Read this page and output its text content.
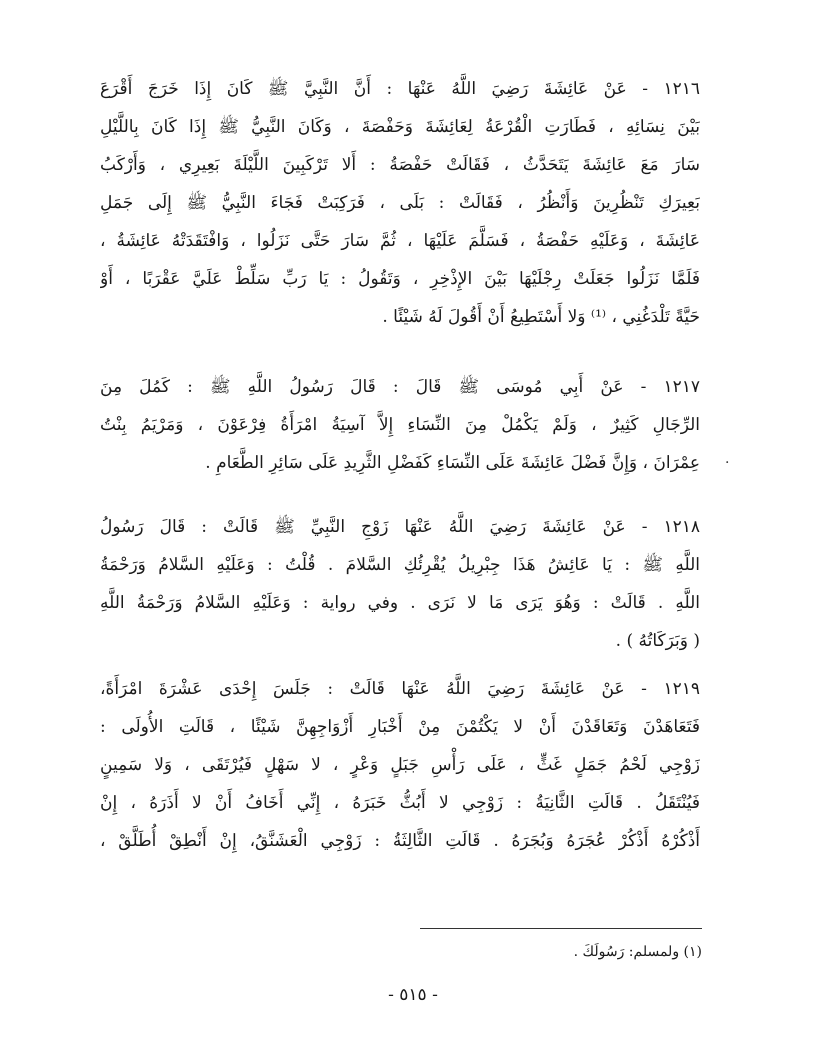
١٢١٦ - عَنْ عَائِشَةَ رَضِيَ اللَّهُ عَنْهَا : أَنَّ النَّبِيَّ ﷺ كَانَ إِذَا خَرَجَ أَقْرَعَ
بَيْنَ نِسَائِهِ ، فَطَارَتِ الْقُرْعَةُ لِعَائِشَةَ وَحَفْصَةَ ، وَكَانَ النَّبِيُّ ﷺ إِذَا كَانَ بِاللَّيْلِ
سَارَ مَعَ عَائِشَةَ يَتَحَدَّثُ ، فَقَالَتْ حَفْصَةُ : أَلا تَرْكَبِينَ اللَّيْلَةَ بَعِيرِي ، وَأَرْكَبُ
بَعِيرَكِ تَنْظُرِينَ وَأَنْظُرُ ، فَقَالَتْ : بَلَى ، فَرَكِبَتْ فَجَاءَ النَّبِيُّ ﷺ إِلَى جَمَلِ
عَائِشَةَ ، وَعَلَيْهِ حَفْصَةُ ، فَسَلَّمَ عَلَيْهَا ، ثُمَّ سَارَ حَتَّى نَزَلُوا ، وَافْتَقَدَتْهُ عَائِشَةُ ،
فَلَمَّا نَزَلُوا جَعَلَتْ رِجْلَيْهَا بَيْنَ الإِذْخِرِ ، وَتَقُولُ : يَا رَبِّ سَلِّطْ عَلَيَّ عَقْرَبًا ، أَوْ
حَيَّةً تَلْدَغُنِي ، ⁽¹⁾ وَلا أَسْتَطِيعُ أَنْ أَقُولَ لَهُ شَيْئًا .
١٢١٧ - عَنْ أَبِي مُوسَى ﷺ قَالَ : قَالَ رَسُولُ اللَّهِ ﷺ : كَمُلَ مِنَ
الرِّجَالِ كَثِيرٌ ، وَلَمْ يَكْمُلْ مِنَ النِّسَاءِ إِلاَّ آسِيَةُ امْرَأَةُ فِرْعَوْنَ ، وَمَرْيَمُ بِنْتُ
عِمْرَانَ ، وَإِنَّ فَضْلَ عَائِشَةَ عَلَى النِّسَاءِ كَفَضْلِ الثَّرِيدِ عَلَى سَائِرِ الطَّعَامِ . ·
١٢١٨ - عَنْ عَائِشَةَ رَضِيَ اللَّهُ عَنْهَا زَوْجِ النَّبِيِّ ﷺ قَالَتْ : قَالَ رَسُولُ
اللَّهِ ﷺ : يَا عَائِشُ هَذَا جِبْرِيلُ يُقْرِئُكِ السَّلامَ . قُلْتُ : وَعَلَيْهِ السَّلامُ وَرَحْمَةُ
اللَّهِ . قَالَتْ : وَهُوَ يَرَى مَا لا نَرَى . وفي رواية : وَعَلَيْهِ السَّلامُ وَرَحْمَةُ اللَّهِ
( وَبَرَكَاتُهُ ) .
١٢١٩ - عَنْ عَائِشَةَ رَضِيَ اللَّهُ عَنْهَا قَالَتْ : جَلَسَ إِحْدَى عَشْرَةَ امْرَأَةً،
فَتَعَاهَدْنَ وَتَعَاقَدْنَ أَنْ لا يَكْتُمْنَ مِنْ أَخْبَارِ أَزْوَاجِهِنَّ شَيْئًا ، قَالَتِ الأُولَى :
زَوْجِي لَحْمُ جَمَلٍ غَثٍّ ، عَلَى رَأْسِ جَبَلٍ وَعْرٍ ، لا سَهْلٍ فَيُرْتَقَى ، وَلا سَمِينٍ
فَيُنْتَقَلُ . قَالَتِ الثَّانِيَةُ : زَوْجِي لا أَبُثُّ خَبَرَهُ ، إِنِّي أَخَافُ أَنْ لا أَذَرَهُ ، إِنْ
أَذْكُرْهُ أَذْكُرْ عُجَرَهُ وَبُجَرَهُ . قَالَتِ الثَّالِثَةُ : زَوْجِي الْعَشَنَّقُ، إِنْ أَنْطِقْ أُطَلَّقْ ،
(١) ولمسلم: رَسُولَكَ .
- ٥١٥ -
